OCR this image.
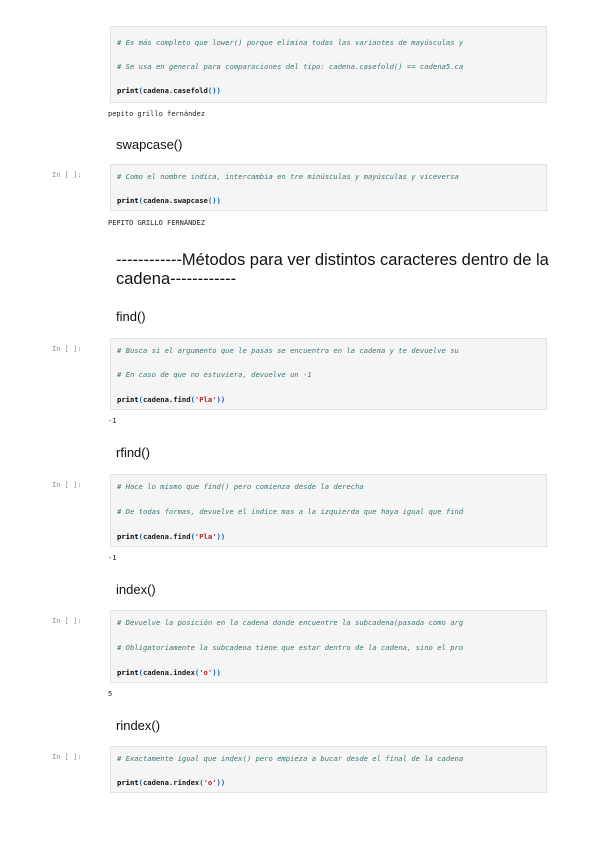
# Es más completo que lower() porque elimina todas las variantes de mayúsculas y
# Se usa en general para comparaciones del tipo: cadena.casefold() == cadena5.ca
print(cadena.casefold())
pepito grillo fernández
swapcase()
In [ ]:	# Como el nombre indica, intercambia en tre minúsculas y mayúsculas y viceversa
print(cadena.swapcase())
PEPITO GRILLO FERNÁNDEZ
------------Métodos para ver distintos caracteres dentro de la cadena------------
find()
In [ ]:	# Busca si el argumento que le pasas se encuentra en la cadena y te devuelve su
# En caso de que no estuviera, devuelve un -1
print(cadena.find('Pla'))
-1
rfind()
In [ ]:	# Hace lo mismo que find() pero comienza desde la derecha
# De todas formas, devuelve el índice mas a la izquierda que haya igual que find
print(cadena.find('Pla'))
-1
index()
In [ ]:	# Devuelve la posición en la cadena donde encuentre la subcadena(pasada como arg
# Obligatoriamente la subcadena tiene que estar dentro de la cadena, sino el pro
print(cadena.index('o'))
5
rindex()
In [ ]:	# Exactamente igual que index() pero empieza a bucar desde el final de la cadena
print(cadena.rindex('o'))
